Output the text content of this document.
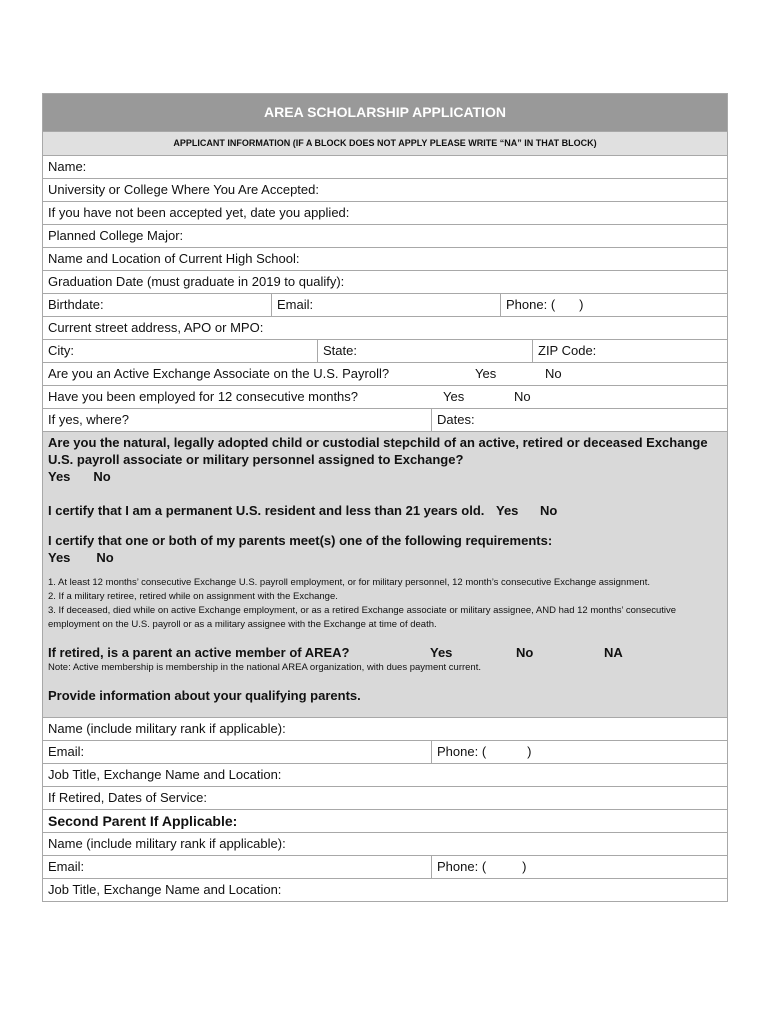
AREA SCHOLARSHIP APPLICATION
APPLICANT INFORMATION (IF A BLOCK DOES NOT APPLY PLEASE WRITE “NA” IN THAT BLOCK)
Name:
University or College Where You Are Accepted:
If you have not been accepted yet, date you applied:
Planned College Major:
Name and Location of Current High School:
Graduation Date (must graduate in 2019 to qualify):
Birthdate:	Email:	Phone: ( )
Current street address, APO or MPO:
City:	State:	ZIP Code:
Are you an Active Exchange Associate on the U.S. Payroll?	Yes	No
Have you been employed for 12 consecutive months?	Yes	No
If yes, where?	Dates:
Are you the natural, legally adopted child or custodial stepchild of an active, retired or deceased Exchange U.S. payroll associate or military personnel assigned to Exchange?
Yes No
I certify that I am a permanent U.S. resident and less than 21 years old. Yes No
I certify that one or both of my parents meet(s) one of the following requirements:
Yes No
1. At least 12 months’ consecutive Exchange U.S. payroll employment, or for military personnel, 12 month’s consecutive Exchange assignment.
2. If a military retiree, retired while on assignment with the Exchange.
3. If deceased, died while on active Exchange employment, or as a retired Exchange associate or military assignee, AND had 12 months’ consecutive employment on the U.S. payroll or as a military assignee with the Exchange at time of death.
If retired, is a parent an active member of AREA?	Yes	No	NA
Note: Active membership is membership in the national AREA organization, with dues payment current.
Provide information about your qualifying parents.
Name (include military rank if applicable):
Email:	Phone: (	)
Job Title, Exchange Name and Location:
If Retired, Dates of Service:
Second Parent If Applicable:
Name (include military rank if applicable):
Email:	Phone: (	)
Job Title, Exchange Name and Location:
